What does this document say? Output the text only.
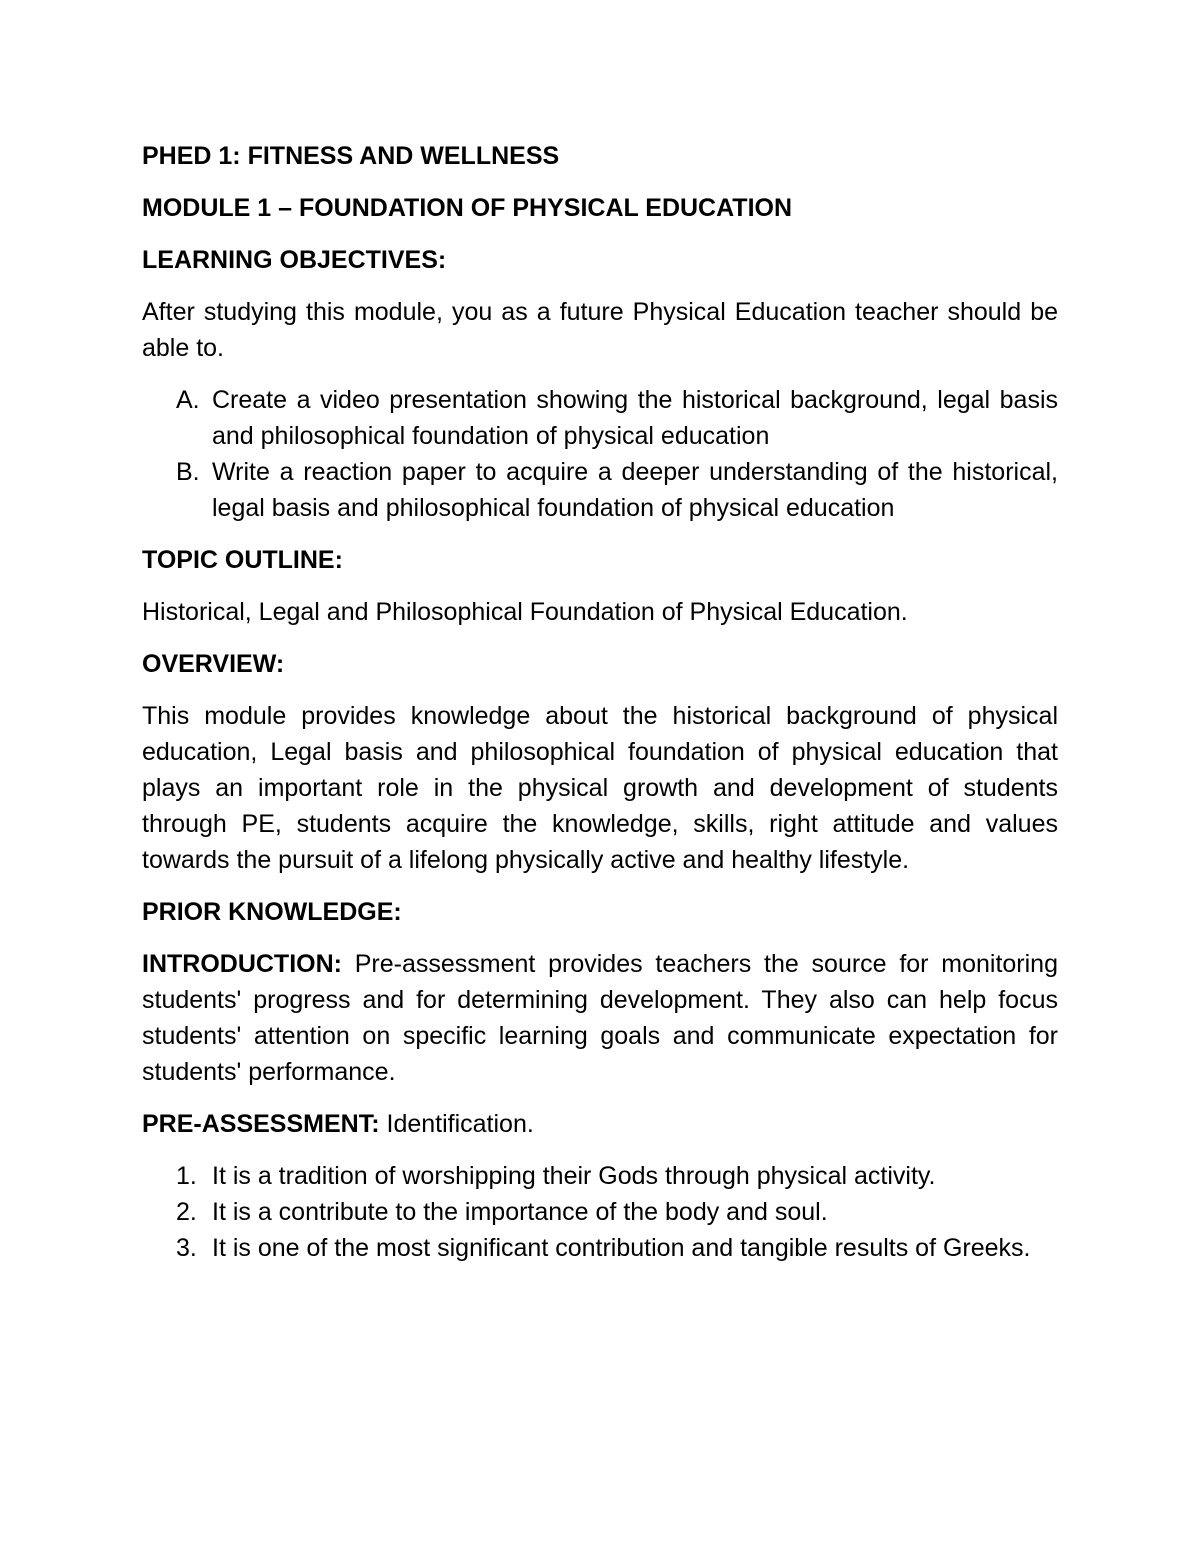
PHED 1: FITNESS AND WELLNESS
MODULE 1 – FOUNDATION OF PHYSICAL EDUCATION
LEARNING OBJECTIVES:
After studying this module, you as a future Physical Education teacher should be able to.
A. Create a video presentation showing the historical background, legal basis and philosophical foundation of physical education
B. Write a reaction paper to acquire a deeper understanding of the historical, legal basis and philosophical foundation of physical education
TOPIC OUTLINE:
Historical, Legal and Philosophical Foundation of Physical Education.
OVERVIEW:
This module provides knowledge about the historical background of physical education, Legal basis and philosophical foundation of physical education that plays an important role in the physical growth and development of students through PE, students acquire the knowledge, skills, right attitude and values towards the pursuit of a lifelong physically active and healthy lifestyle.
PRIOR KNOWLEDGE:
INTRODUCTION: Pre-assessment provides teachers the source for monitoring students' progress and for determining development. They also can help focus students' attention on specific learning goals and communicate expectation for students' performance.
PRE-ASSESSMENT: Identification.
1. It is a tradition of worshipping their Gods through physical activity.
2. It is a contribute to the importance of the body and soul.
3. It is one of the most significant contribution and tangible results of Greeks.
